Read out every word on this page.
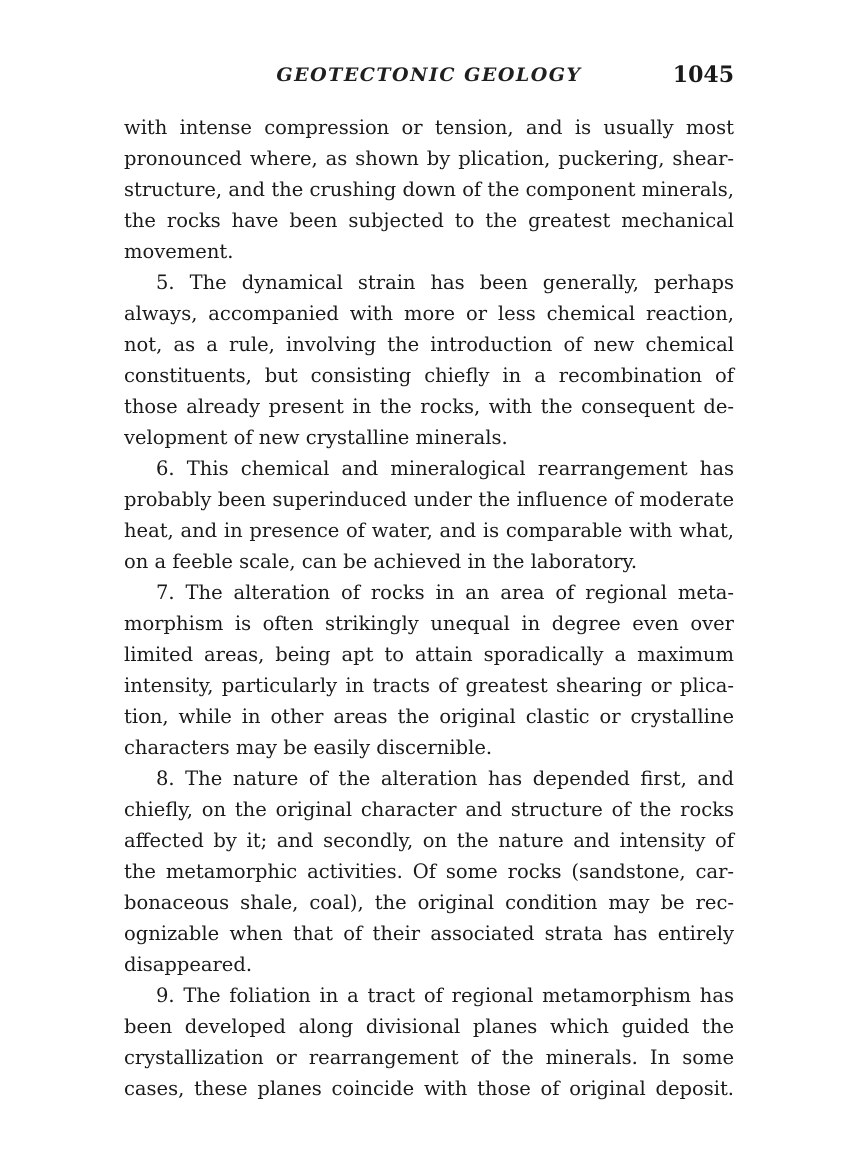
GEOTECTONIC GEOLOGY	1045
with intense compression or tension, and is usually most
pronounced where, as shown by plication, puckering, shear-
structure, and the crushing down of the component minerals,
the rocks have been subjected to the greatest mechanical
movement.
5. The dynamical strain has been generally, perhaps
always, accompanied with more or less chemical reaction,
not, as a rule, involving the introduction of new chemical
constituents, but consisting chiefly in a recombination of
those already present in the rocks, with the consequent de-
velopment of new crystalline minerals.
6. This chemical and mineralogical rearrangement has
probably been superinduced under the influence of moderate
heat, and in presence of water, and is comparable with what,
on a feeble scale, can be achieved in the laboratory.
7. The alteration of rocks in an area of regional meta-
morphism is often strikingly unequal in degree even over
limited areas, being apt to attain sporadically a maximum
intensity, particularly in tracts of greatest shearing or plica-
tion, while in other areas the original clastic or crystalline
characters may be easily discernible.
8. The nature of the alteration has depended first, and
chiefly, on the original character and structure of the rocks
affected by it; and secondly, on the nature and intensity of
the metamorphic activities. Of some rocks (sandstone, car-
bonaceous shale, coal), the original condition may be rec-
ognizable when that of their associated strata has entirely
disappeared.
9. The foliation in a tract of regional metamorphism has
been developed along divisional planes which guided the
crystallization or rearrangement of the minerals. In some
cases, these planes coincide with those of original deposit.
